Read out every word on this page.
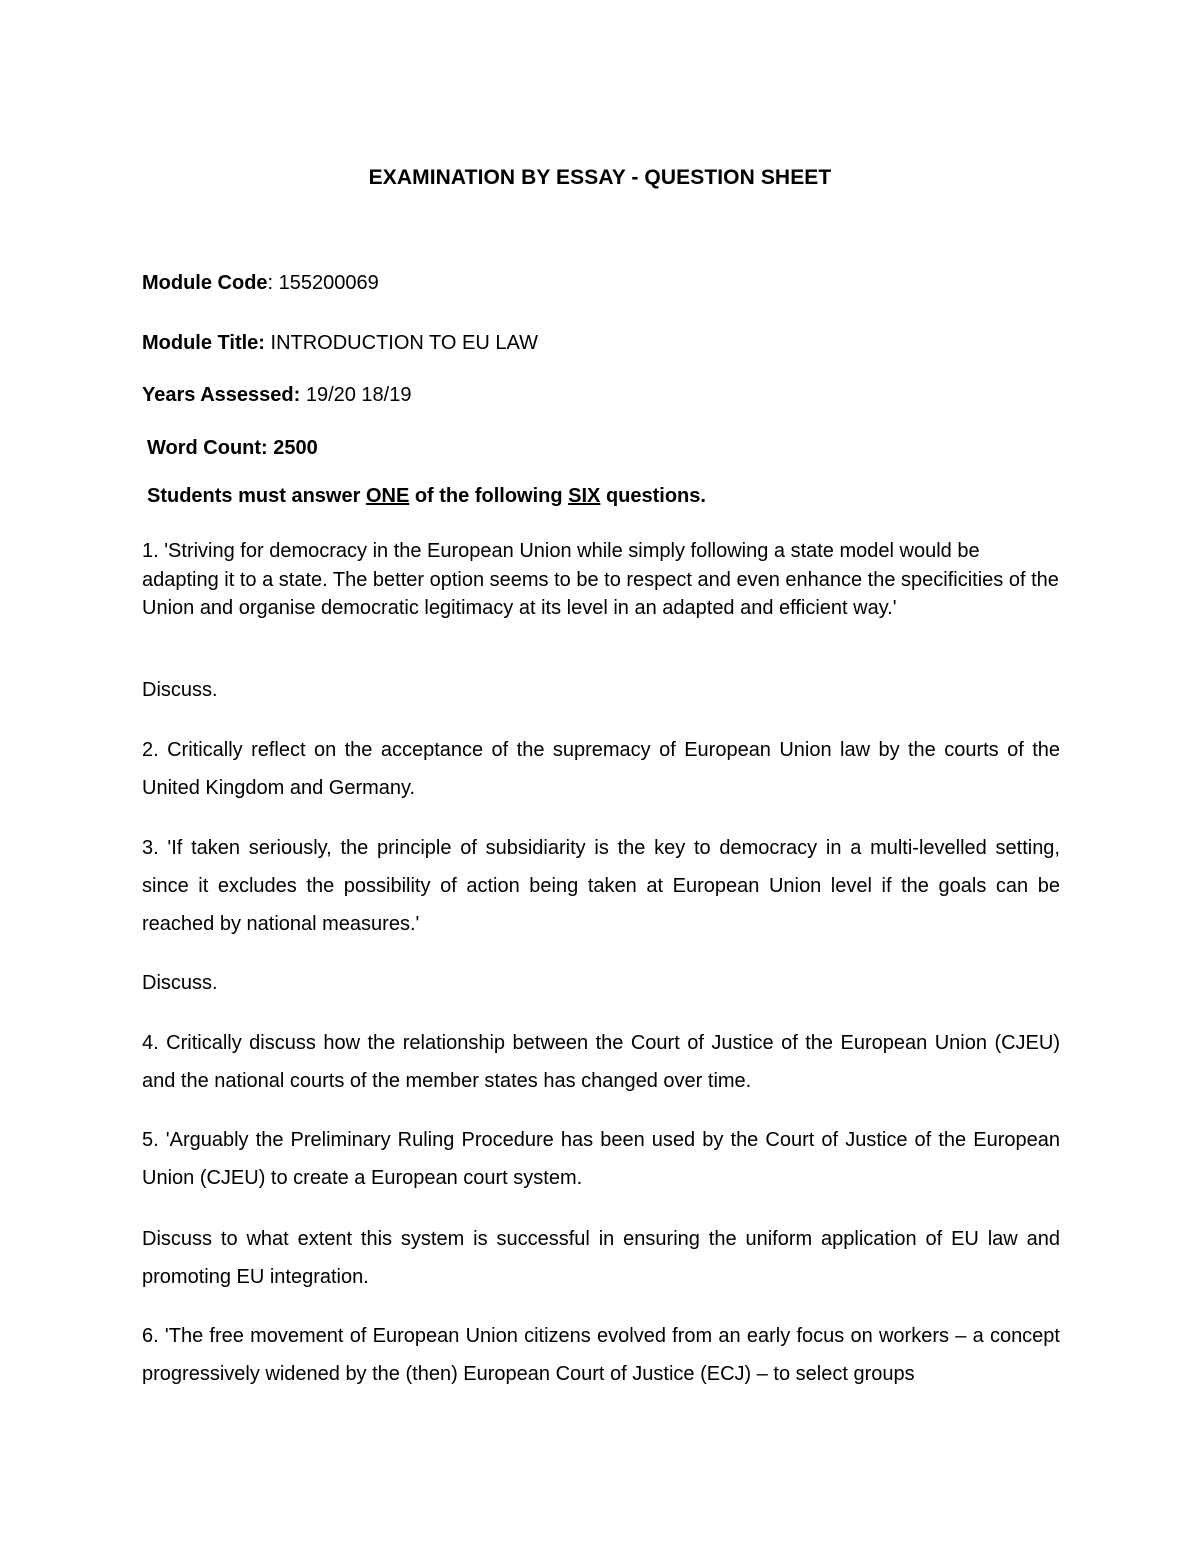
EXAMINATION BY ESSAY - QUESTION SHEET
Module Code: 155200069
Module Title: INTRODUCTION TO EU LAW
Years Assessed: 19/20 18/19
Word Count: 2500
Students must answer ONE of the following SIX questions.

1. 'Striving for democracy in the European Union while simply following a state model would be adapting it to a state. The better option seems to be to respect and even enhance the specificities of the Union and organise democratic legitimacy at its level in an adapted and efficient way.'

Discuss.

2. Critically reflect on the acceptance of the supremacy of European Union law by the courts of the United Kingdom and Germany.

3. 'If taken seriously, the principle of subsidiarity is the key to democracy in a multi-levelled setting, since it excludes the possibility of action being taken at European Union level if the goals can be reached by national measures.'

Discuss.

4. Critically discuss how the relationship between the Court of Justice of the European Union (CJEU) and the national courts of the member states has changed over time.

5. 'Arguably the Preliminary Ruling Procedure has been used by the Court of Justice of the European Union (CJEU) to create a European court system.

Discuss to what extent this system is successful in ensuring the uniform application of EU law and promoting EU integration.

6. 'The free movement of European Union citizens evolved from an early focus on workers – a concept progressively widened by the (then) European Court of Justice (ECJ) – to select groups
